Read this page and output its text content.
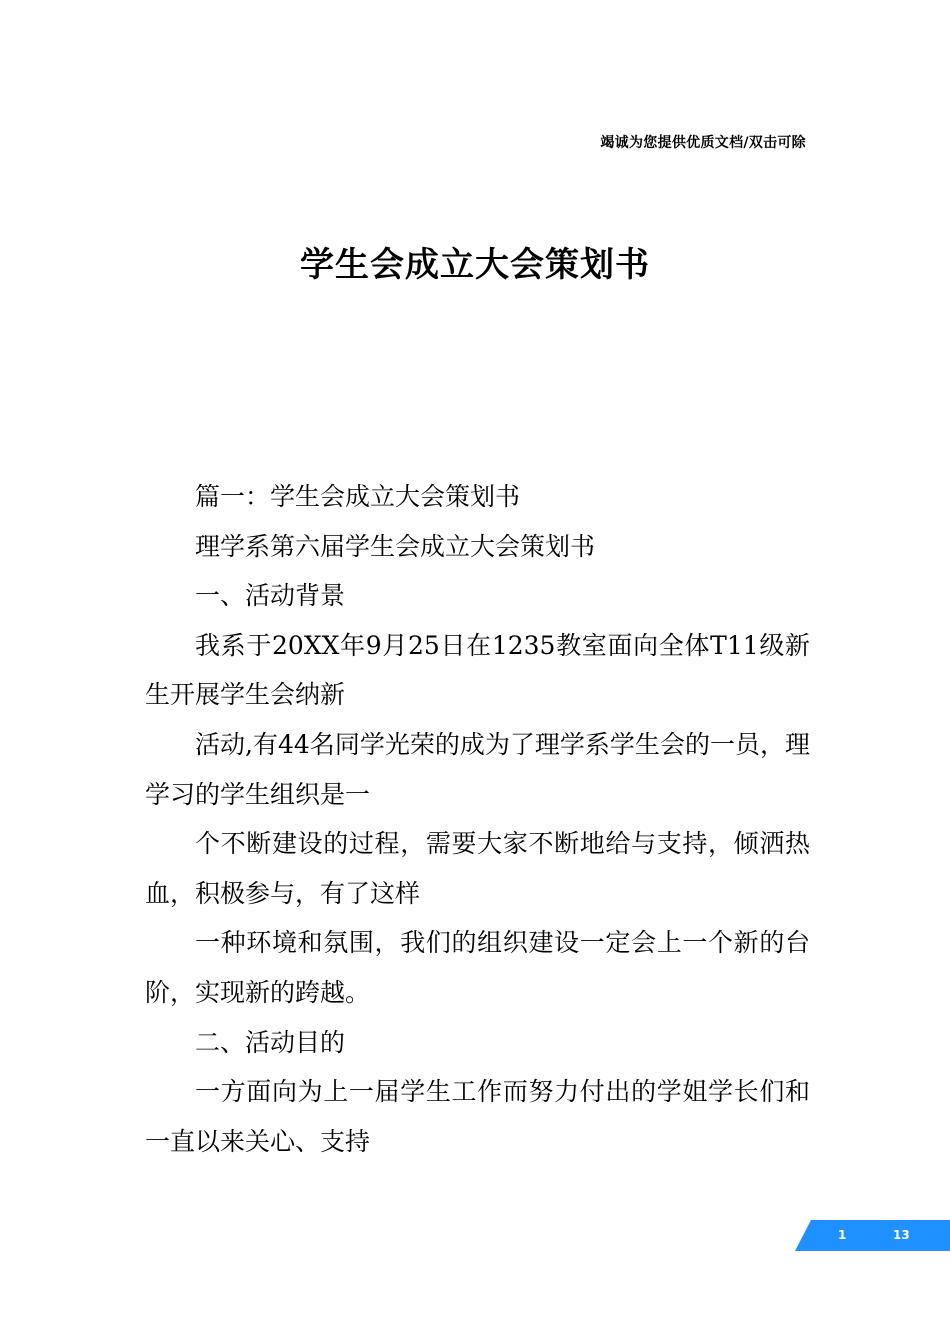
竭诚为您提供优质文档/双击可除
学生会成立大会策划书

篇一：学生会成立大会策划书

理学系第六届学生会成立大会策划书

一、活动背景

我系于20XX年9月25日在1235教室面向全体T11级新生开展学生会纳新

活动,有44名同学光荣的成为了理学系学生会的一员，理学习的学生组织是一

个不断建设的过程，需要大家不断地给与支持，倾洒热血，积极参与，有了这样

一种环境和氛围，我们的组织建设一定会上一个新的台阶，实现新的跨越。

二、活动目的

一方面向为上一届学生工作而努力付出的学姐学长们和一直以来关心、支持

1	13
